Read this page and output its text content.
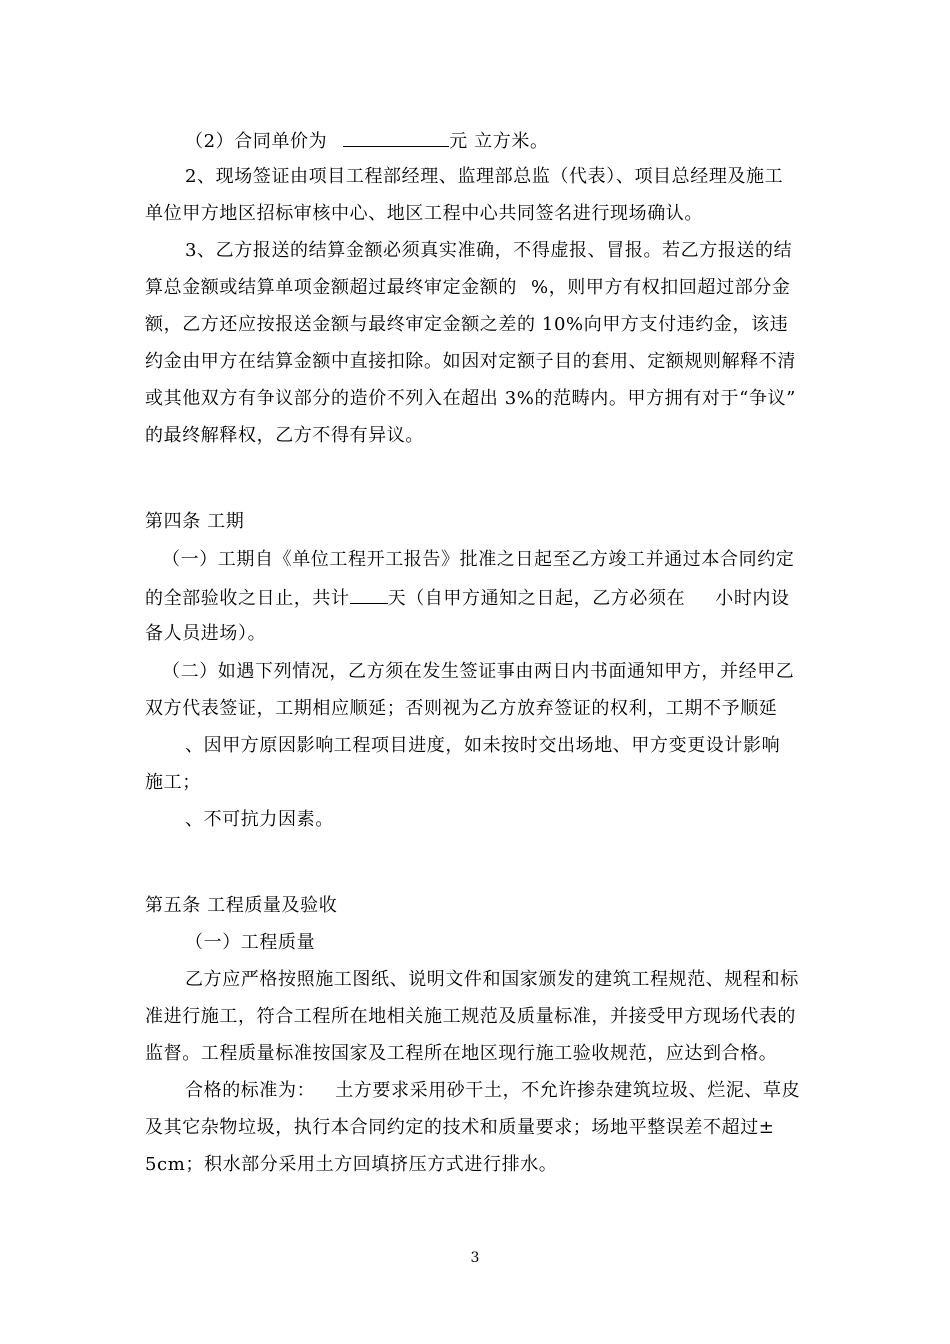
（2）合同单价为	元 立方米。
2、现场签证由项目工程部经理、监理部总监（代表）、项目总经理及施工
单位甲方地区招标审核中心、地区工程中心共同签名进行现场确认。
3、乙方报送的结算金额必须真实准确，不得虚报、冒报。若乙方报送的结
算总金额或结算单项金额超过最终审定金额的 %，则甲方有权扣回超过部分金
额，乙方还应按报送金额与最终审定金额之差的 10%向甲方支付违约金，该违
约金由甲方在结算金额中直接扣除。如因对定额子目的套用、定额规则解释不清
或其他双方有争议部分的造价不列入在超出 3%的范畴内。甲方拥有对于“争议”
的最终解释权，乙方不得有异议。
第四条 工期
（一）工期自《单位工程开工报告》批准之日起至乙方竣工并通过本合同约定
的全部验收之日止，共计 天（自甲方通知之日起，乙方必须在 小时内设
备人员进场）。
（二）如遇下列情况，乙方须在发生签证事由两日内书面通知甲方，并经甲乙
双方代表签证，工期相应顺延；否则视为乙方放弃签证的权利，工期不予顺延
、因甲方原因影响工程项目进度，如未按时交出场地、甲方变更设计影响
施工；
、不可抗力因素。
第五条 工程质量及验收
（一）工程质量
乙方应严格按照施工图纸、说明文件和国家颁发的建筑工程规范、规程和标
准进行施工，符合工程所在地相关施工规范及质量标准，并接受甲方现场代表的
监督。工程质量标准按国家及工程所在地区现行施工验收规范，应达到合格。
合格的标准为： 土方要求采用砂干土，不允许掺杂建筑垃圾、烂泥、草皮
及其它杂物垃圾，执行本合同约定的技术和质量要求；场地平整误差不超过±
5cm；积水部分采用土方回填挤压方式进行排水。
3
